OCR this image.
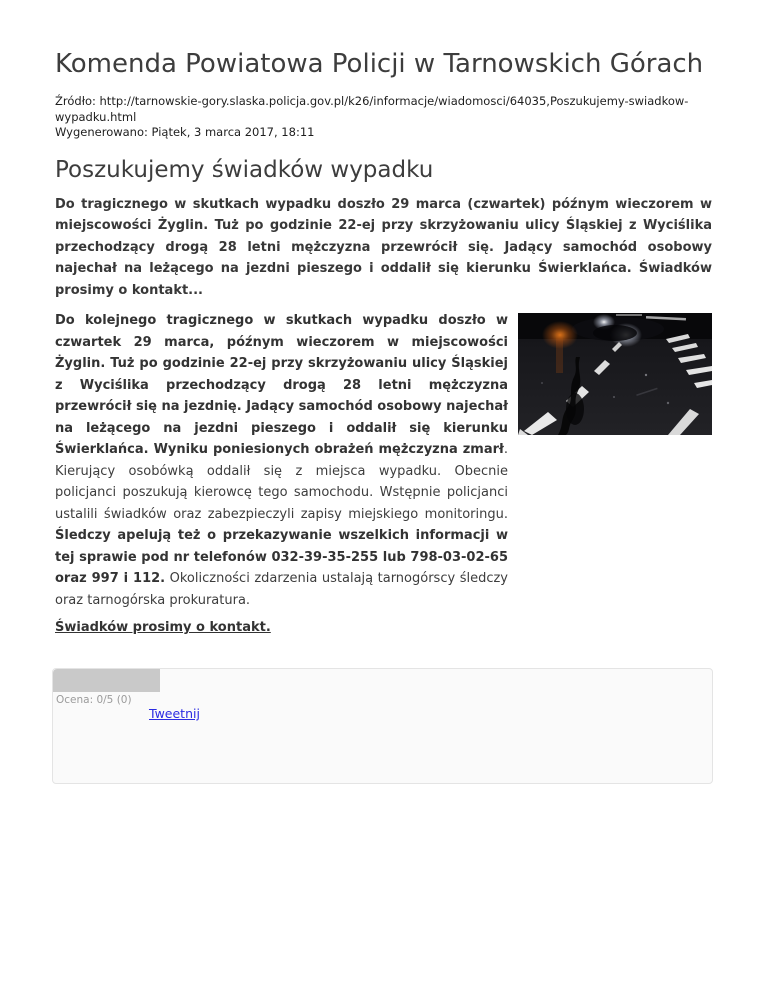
Komenda Powiatowa Policji w Tarnowskich Górach
Źródło: http://tarnowskie-gory.slaska.policja.gov.pl/k26/informacje/wiadomosci/64035,Poszukujemy-swiadkow-wypadku.html
Wygenerowano: Piątek, 3 marca 2017, 18:11
Poszukujemy świadków wypadku

Do tragicznego w skutkach wypadku doszło 29 marca (czwartek) późnym wieczorem w miejscowości Żyglin. Tuż po godzinie 22-ej przy skrzyżowaniu ulicy Śląskiej z Wyciślika przechodzący drogą 28 letni mężczyzna przewrócił się. Jadący samochód osobowy najechał na leżącego na jezdni pieszego i oddalił się kierunku Świerklańca. Świadków prosimy o kontakt...

Do kolejnego tragicznego w skutkach wypadku doszło w czwartek 29 marca, późnym wieczorem w miejscowości Żyglin. Tuż po godzinie 22-ej przy skrzyżowaniu ulicy Śląskiej z Wyciślika przechodzący drogą 28 letni mężczyzna przewrócił się na jezdnię. Jadący samochód osobowy najechał na leżącego na jezdni pieszego i oddalił się kierunku Świerklańca. Wyniku poniesionych obrażeń mężczyzna zmarł. Kierujący osobówką oddalił się z miejsca wypadku. Obecnie policjanci poszukują kierowcę tego samochodu. Wstępnie policjanci ustalili świadków oraz zabezpieczyli zapisy miejskiego monitoringu. Śledczy apelują też o przekazywanie wszelkich informacji w tej sprawie pod nr telefonów 032-39-35-255 lub 798-03-02-65 oraz 997 i 112. Okoliczności zdarzenia ustalają tarnogórscy śledczy oraz tarnogórska prokuratura.

Świadków prosimy o kontakt.

Ocena: 0/5 (0)
Tweetnij
